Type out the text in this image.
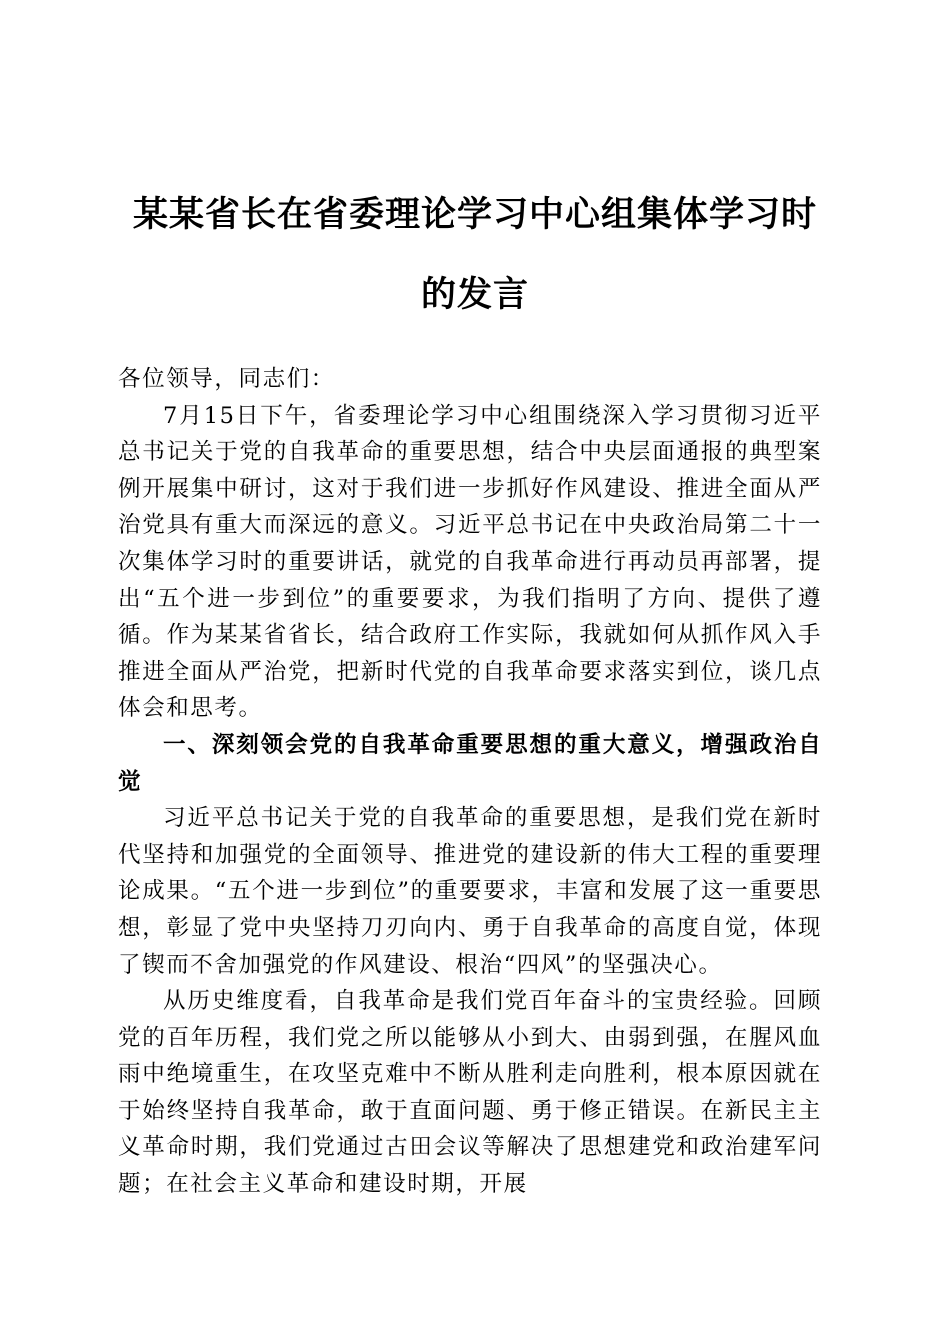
某某省长在省委理论学习中心组集体学习时的发言

各位领导，同志们：

7月15日下午，省委理论学习中心组围绕深入学习贯彻习近平总书记关于党的自我革命的重要思想，结合中央层面通报的典型案例开展集中研讨，这对于我们进一步抓好作风建设、推进全面从严治党具有重大而深远的意义。习近平总书记在中央政治局第二十一次集体学习时的重要讲话，就党的自我革命进行再动员再部署，提出“五个进一步到位”的重要要求，为我们指明了方向、提供了遵循。作为某某省省长，结合政府工作实际，我就如何从抓作风入手推进全面从严治党，把新时代党的自我革命要求落实到位，谈几点体会和思考。

一、深刻领会党的自我革命重要思想的重大意义，增强政治自觉

习近平总书记关于党的自我革命的重要思想，是我们党在新时代坚持和加强党的全面领导、推进党的建设新的伟大工程的重要理论成果。“五个进一步到位”的重要要求，丰富和发展了这一重要思想，彰显了党中央坚持刀刃向内、勇于自我革命的高度自觉，体现了锲而不舍加强党的作风建设、根治“四风”的坚强决心。

从历史维度看，自我革命是我们党百年奋斗的宝贵经验。回顾党的百年历程，我们党之所以能够从小到大、由弱到强，在腥风血雨中绝境重生，在攻坚克难中不断从胜利走向胜利，根本原因就在于始终坚持自我革命，敢于直面问题、勇于修正错误。在新民主主义革命时期，我们党通过古田会议等解决了思想建党和政治建军问题；在社会主义革命和建设时期，开展
